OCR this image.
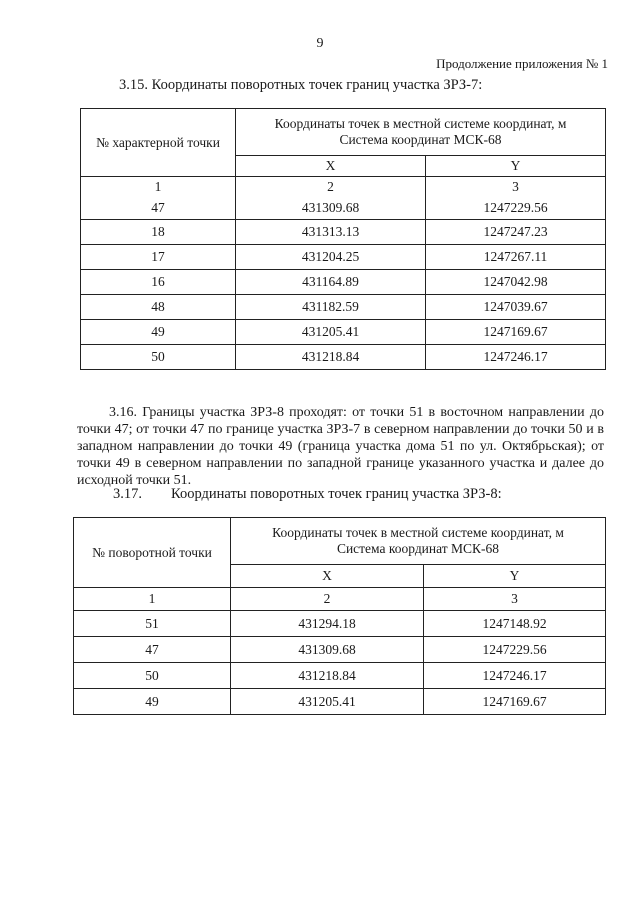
9
Продолжение приложения № 1
3.15. Координаты поворотных точек границ участка ЗРЗ-7:
№ характерной точки	Координаты точек в местной системе координат, м
Система координат МСК-68	
	X	Y
1	2	3
47	431309.68	1247229.56
18	431313.13	1247247.23
17	431204.25	1247267.11
16	431164.89	1247042.98
48	431182.59	1247039.67
49	431205.41	1247169.67
50	431218.84	1247246.17
3.16. Границы участка ЗРЗ-8 проходят: от точки 51 в восточном направлении до точки 47; от точки 47 по границе участка ЗРЗ-7 в северном направлении до точки 50 и в западном направлении до точки 49 (граница участка дома 51 по ул. Октябрьская); от точки 49 в северном направлении по западной границе указанного участка и далее до исходной точки 51.
3.17. Координаты поворотных точек границ участка ЗРЗ-8:
№ поворотной точки	Координаты точек в местной системе координат, м
Система координат МСК-68	
	X	Y
1	2	3
51	431294.18	1247148.92
47	431309.68	1247229.56
50	431218.84	1247246.17
49	431205.41	1247169.67
